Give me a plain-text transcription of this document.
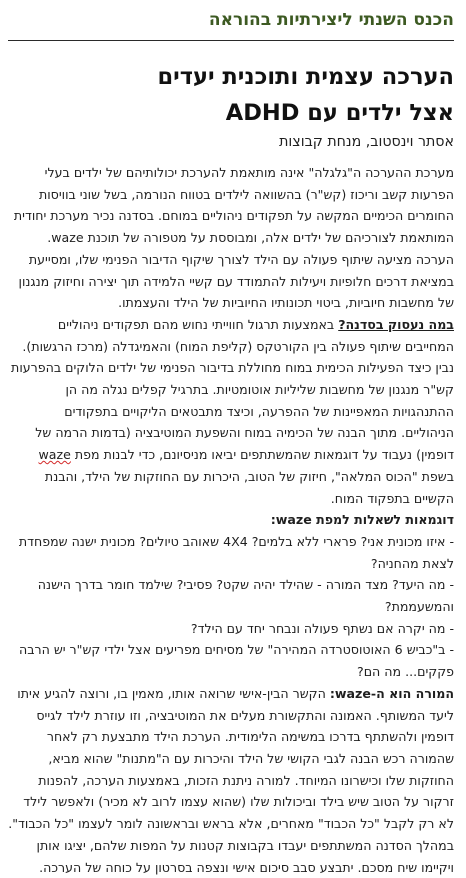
הכנס השנתי ליצירתיות בהוראה
הערכה עצמית ותוכנית יעדים
אצל ילדים עם ADHD
אסתר וינסטוב, מנחת קבוצות

מערכת ההערכה ה"גלגלה" אינה מותאמת להערכת יכולותיהם של ילדים בעלי הפרעות קשב וריכוז (קש"ר) בהשוואה לילדים בטווח הנורמה, בשל שוני בוויסות החומרים הכימיים המקשה על תפקודים ניהוליים במוחם. בסדנה נכיר מערכת יחודית המותאמת לצורכיהם של ילדים אלה, ומבוססת על מטפורה של תוכנת waze. הערכה מציעה שיתוף פעולה עם הילד לצורך שיקוף הדיבור הפנימי שלו, ומסייעת במציאת דרכים חלופיות ויעילות להתמודד עם קשיי הלמידה תוך יצירה וחיזוק מנגנון של מחשבות חיוביות, ביטוי תכונותיו החיוביות של הילד והעצמתו.

במה נעסוק בסדנה? באמצעות תרגול חווייתי נחוש מהם תפקודים ניהוליים המחייבים שיתוף פעולה בין הקורטקס (קליפת המוח) והאמיגדלה (מרכז הרגשות). נבין כיצד הפעילות הכימית במוח מחוללת בדיבור הפנימי של ילדים הלוקים בהפרעות קש"ר מנגנון של מחשבות שליליות אוטומטיות. בתרגיל קפלים נגלה מה הן ההתנהגויות המאפיינות של ההפרעה, וכיצד מתבטאים הליקויים בתפקודים הניהוליים. מתוך הבנה של הכימיה במוח והשפעת המוטיבציה (בדמות הרמה של דופמין) נעבוד על דוגמאות שהמשתתפים יביאו מניסיונם, כדי לבנות מפת waze בשפת "הכוס המלאה", חיזוק של הטוב, היכרות עם החוזקות של הילד, והבנת הקשיים בתפקוד המוח.

דוגמאות לשאלות למפת waze:

- איזו מכונית אני? פרארי ללא בלמים? 4X4 שאוהב טיולים? מכונית ישנה שמפחדת לצאת מהחניה?

- מה היעד? מצד המורה - שהילד יהיה שקט? פסיבי? שילמד חומר בדרך הישנה והמשעממת?

- מה יקרה אם נשתף פעולה ונבחר יחד עם הילד?

- ב"כביש 6 האוטוסטרדה המהירה" של מסיחים מפריעים אצל ילדי קש"ר יש הרבה פקקים... מה הם?

המורה הוא ה-waze: הקשר הבין-אישי שרואה אותו, מאמין בו, ורוצה להגיע איתו ליעד המשותף. האמונה והתקשורת מעלים את המוטיבציה, וזו עוזרת לילד לגייס דופמין ולהשתתף בדרכו במשימה הלימודית. הערכת הילד מתבצעת רק לאחר שהמורה רכש הבנה לגבי הקושי של הילד והיכרות עם ה"מתנות" שהוא מביא, החוזקות שלו וכישרונו המיוחד. למורה ניתנת הזכות, באמצעות הערכה, להפנות זרקור על הטוב שיש בילד וביכולות שלו (שהוא עצמו לרוב לא מכיר) ולאפשר לילד לא רק לקבל "כל הכבוד" מאחרים, אלא בראש ובראשונה לומר לעצמו "כל הכבוד".

במהלך הסדנה המשתתפים יעבדו בקבוצות קטנות על המפות שלהם, יציגו אותן ויקיימו שיח מסכם. יתבצע סבב סיכום אישי ונצפה בסרטון על כוחה של הערכה.
